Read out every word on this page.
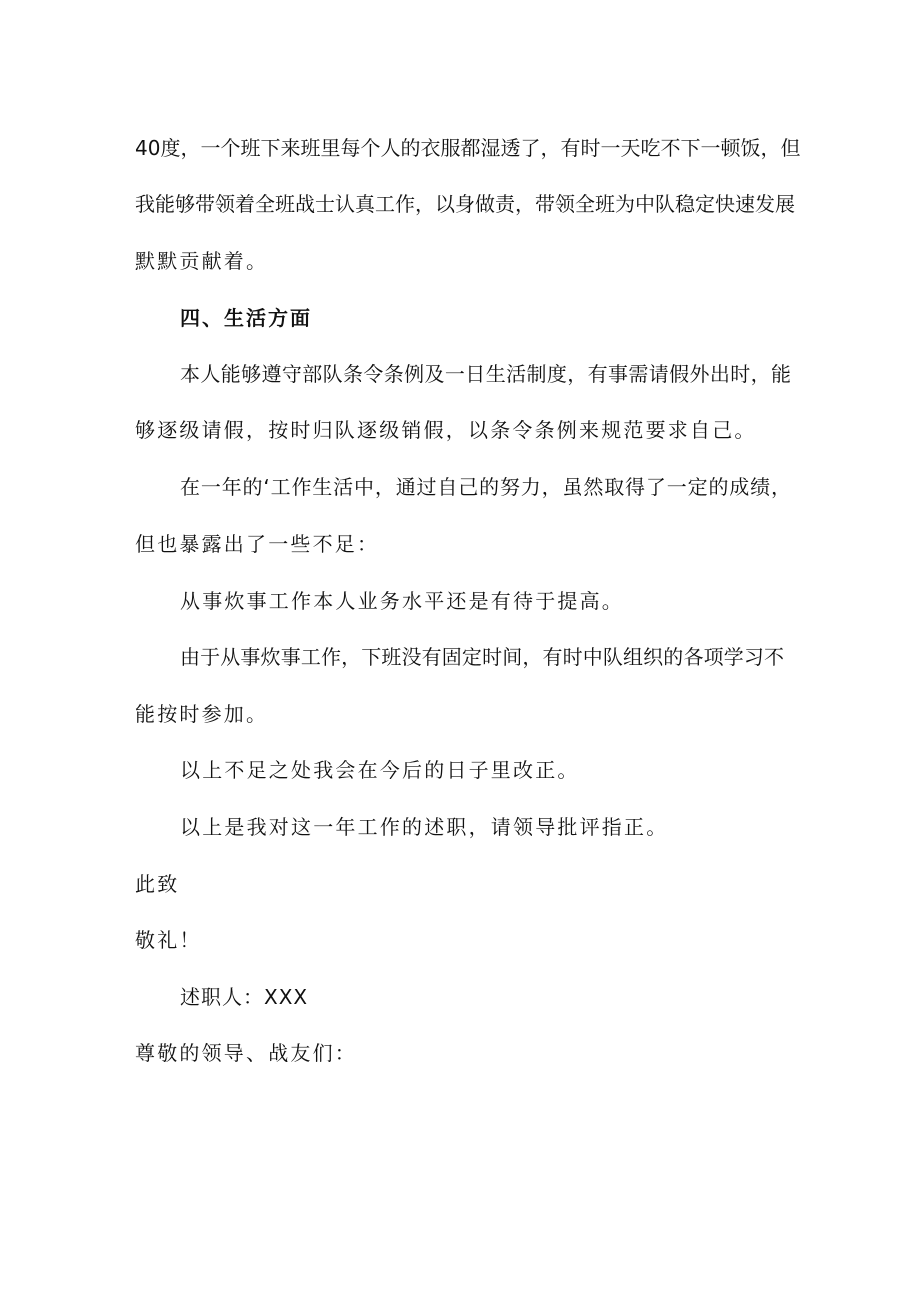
40度，一个班下来班里每个人的衣服都湿透了，有时一天吃不下一顿饭，但

我能够带领着全班战士认真工作，以身做责，带领全班为中队稳定快速发展

默默贡献着。

四、生活方面

本人能够遵守部队条令条例及一日生活制度，有事需请假外出时，能

够逐级请假，按时归队逐级销假，以条令条例来规范要求自己。

在一年的‘工作生活中，通过自己的努力，虽然取得了一定的成绩，

但也暴露出了一些不足：

从事炊事工作本人业务水平还是有待于提高。

由于从事炊事工作，下班没有固定时间，有时中队组织的各项学习不

能按时参加。

以上不足之处我会在今后的日子里改正。

以上是我对这一年工作的述职，请领导批评指正。

此致

敬礼！

述职人：XXX

尊敬的领导、战友们：
